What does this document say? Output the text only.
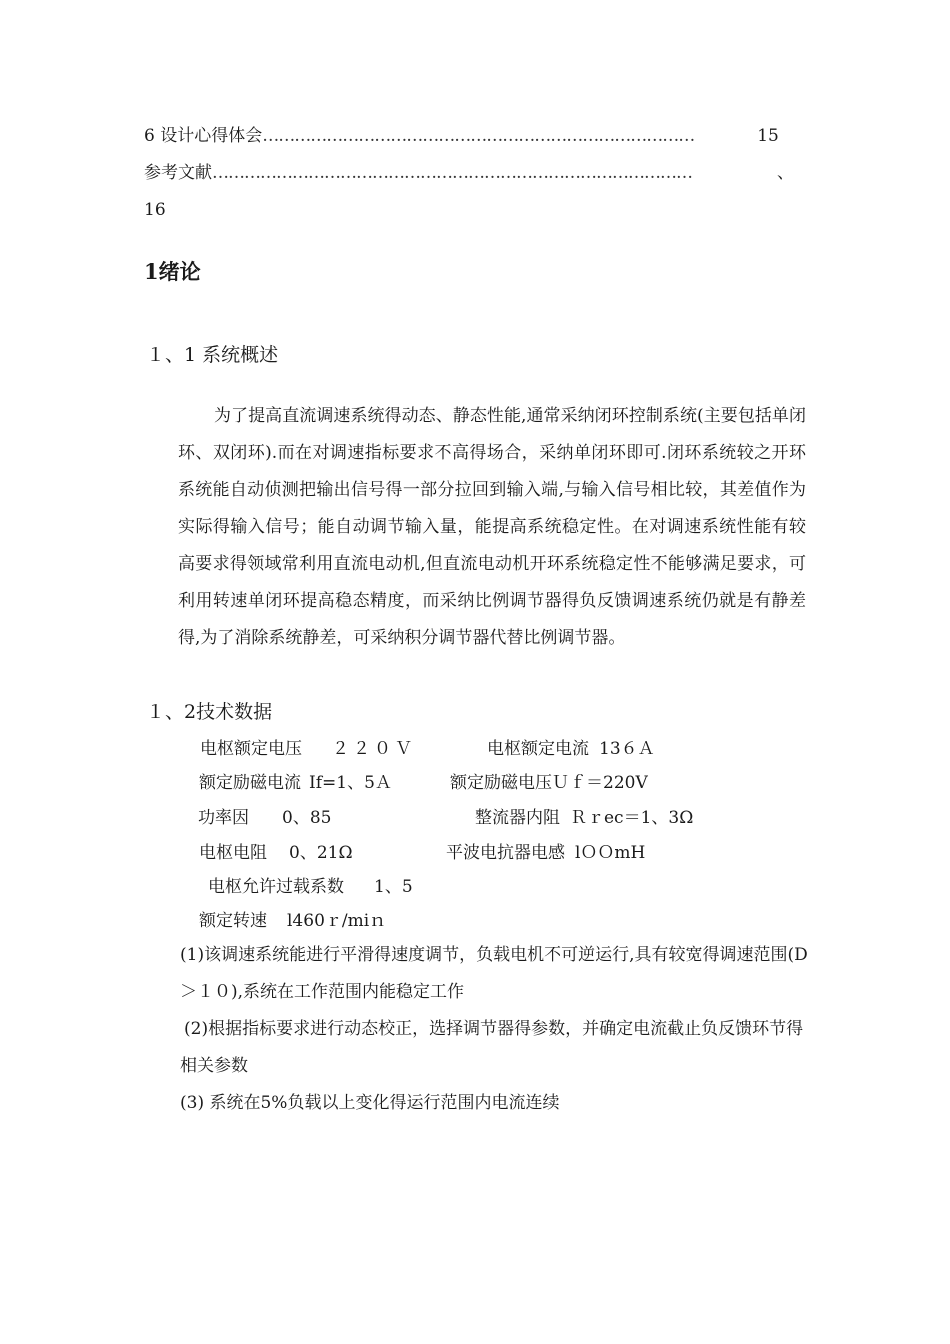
6 设计心得体会………………………………………………………………………	15
参考文献………………………………………………………………………………	、
16
1绪论
１、1 系统概述
为了提高直流调速系统得动态、静态性能,通常采纳闭环控制系统(主要包括单闭环、双闭环).而在对调速指标要求不高得场合，采纳单闭环即可.闭环系统较之开环系统能自动侦测把输出信号得一部分拉回到输入端,与输入信号相比较，其差值作为实际得输入信号；能自动调节输入量，能提高系统稳定性。在对调速系统性能有较高要求得领域常利用直流电动机,但直流电动机开环系统稳定性不能够满足要求，可利用转速单闭环提高稳态精度，而采纳比例调节器得负反馈调速系统仍就是有静差得,为了消除系统静差，可采纳积分调节器代替比例调节器。
１、2技术数据
电枢额定电压 ２２０Ｖ	电枢额定电流 13６Ａ
额定励磁电流 If=1、5Ａ	额定励磁电压Ｕｆ＝220V
功率因 0、85	整流器内阻 Ｒｒec＝1、3Ω
电枢电阻 0、21Ω	平波电抗器电感 lＯＯmH
电枢允许过载系数 1、5
额定转速 l460ｒ/miｎ
(1)该调速系统能进行平滑得速度调节，负载电机不可逆运行,具有较宽得调速范围(D＞１０),系统在工作范围内能稳定工作
(2)根据指标要求进行动态校正，选择调节器得参数，并确定电流截止负反馈环节得相关参数
(3) 系统在5%负载以上变化得运行范围内电流连续
